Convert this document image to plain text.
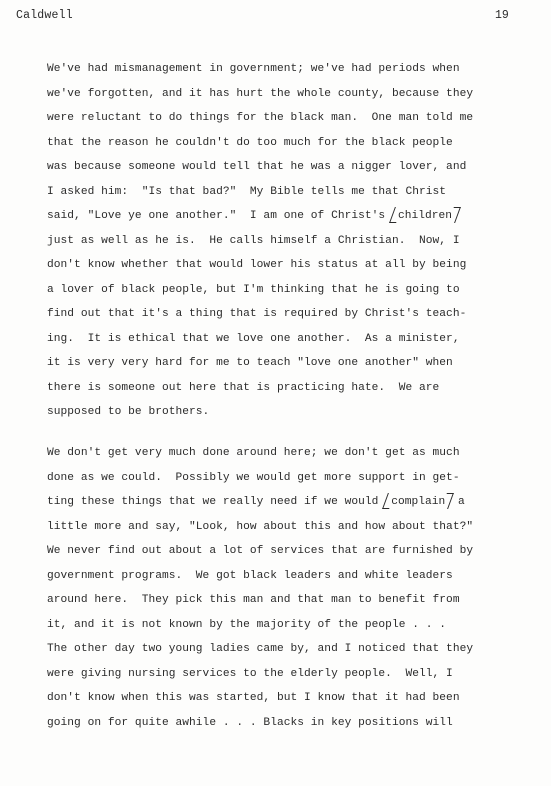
Caldwell	19
We've had mismanagement in government; we've had periods when
we've forgotten, and it has hurt the whole county, because they
were reluctant to do things for the black man.  One man told me
that the reason he couldn't do too much for the black people
was because someone would tell that he was a nigger lover, and
I asked him:  "Is that bad?"  My Bible tells me that Christ
said, "Love ye one another."  I am one of Christ's children
just as well as he is.  He calls himself a Christian.  Now, I
don't know whether that would lower his status at all by being
a lover of black people, but I'm thinking that he is going to
find out that it's a thing that is required by Christ's teach-
ing.  It is ethical that we love one another.  As a minister,
it is very very hard for me to teach "love one another" when
there is someone out here that is practicing hate.  We are
supposed to be brothers.
We don't get very much done around here; we don't get as much
done as we could.  Possibly we would get more support in get-
ting these things that we really need if we would complain a
little more and say, "Look, how about this and how about that?"
We never find out about a lot of services that are furnished by
government programs.  We got black leaders and white leaders
around here.  They pick this man and that man to benefit from
it, and it is not known by the majority of the people . . .
The other day two young ladies came by, and I noticed that they
were giving nursing services to the elderly people.  Well, I
don't know when this was started, but I know that it had been
going on for quite awhile . . . Blacks in key positions will
